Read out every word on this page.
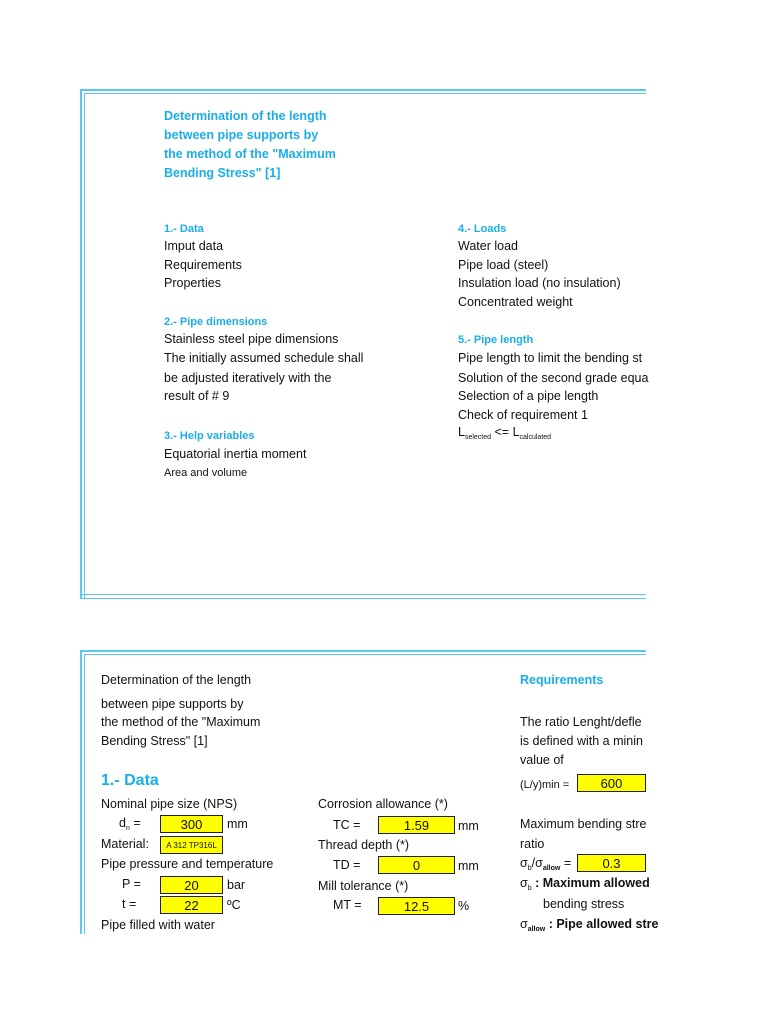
Determination of the length
between pipe supports by
the method of the "Maximum
Bending Stress" [1]
1.- Data
Imput data
Requirements
Properties
2.- Pipe dimensions
Stainless steel pipe dimensions
The initially assumed schedule shall
be adjusted iteratively with the
result of # 9
3.- Help variables
Equatorial inertia moment
Area and volume
4.- Loads
Water load
Pipe load (steel)
Insulation load (no insulation)
Concentrated weight
5.- Pipe length
Pipe length to limit the bending st
Solution of the second grade equa
Selection of a pipe length
Check of requirement 1
$L_{selected} <= L_{calculated}$
Determination of the length
between pipe supports by
the method of the "Maximum
Bending Stress" [1]
1.- Data
Nominal pipe size (NPS)
$d_n$ =	300	mm
Material:	A 312 TP316L
Pipe pressure and temperature
P =	20	bar
t =	22	ºC
Pipe filled with water
Corrosion allowance (*)
TC =	1.59	mm
Thread depth (*)
TD =	0	mm
Mill tolerance (*)
MT =	12.5	%
Requirements
The ratio Lenght/defle
is defined with a minin
value of
(L/y)min =	600
Maximum bending stre
ratio
$\sigma_b/\sigma_{allow}$ =	0.3
$\sigma_b$ : Maximum allowed
bending stress
$\sigma_{allow}$ : Pipe allowed stre
